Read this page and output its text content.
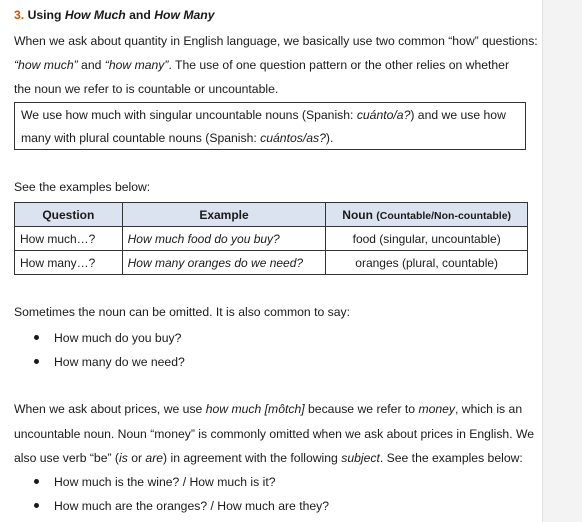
3. Using How Much and How Many
When we ask about quantity in English language, we basically use two common “how” questions:
“how much” and “how many”. The use of one question pattern or the other relies on whether
the noun we refer to is countable or uncountable.
We use how much with singular uncountable nouns (Spanish: cuánto/a?) and we use how
many with plural countable nouns (Spanish: cuántos/as?).
See the examples below:
Question	Example	Noun (Countable/Non-countable)
How much…?	How much food do you buy?	food (singular, uncountable)
How many…?	How many oranges do we need?	oranges (plural, countable)
Sometimes the noun can be omitted. It is also common to say:
How much do you buy?
How many do we need?
When we ask about prices, we use how much [môtch] because we refer to money, which is an
uncountable noun. Noun “money” is commonly omitted when we ask about prices in English. We
also use verb “be” (is or are) in agreement with the following subject. See the examples below:
How much is the wine? / How much is it?
How much are the oranges? / How much are they?
